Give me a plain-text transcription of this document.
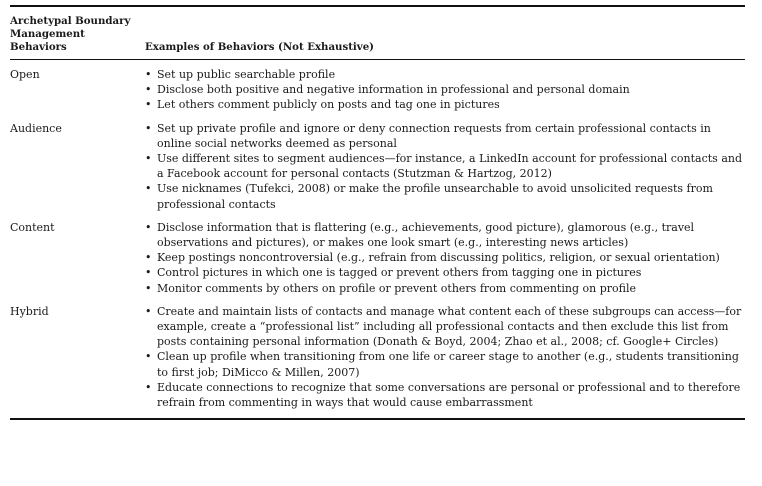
Archetypal Boundary
Management
Behaviors	Examples of Behaviors (Not Exhaustive)
Open	• Set up public searchable profile
• Disclose both positive and negative information in professional and personal domain
• Let others comment publicly on posts and tag one in pictures
Audience	• Set up private profile and ignore or deny connection requests from certain professional contacts in online social networks deemed as personal
• Use different sites to segment audiences—for instance, a LinkedIn account for professional contacts and a Facebook account for personal contacts (Stutzman & Hartzog, 2012)
• Use nicknames (Tufekci, 2008) or make the profile unsearchable to avoid unsolicited requests from professional contacts
Content	• Disclose information that is flattering (e.g., achievements, good picture), glamorous (e.g., travel observations and pictures), or makes one look smart (e.g., interesting news articles)
• Keep postings noncontroversial (e.g., refrain from discussing politics, religion, or sexual orientation)
• Control pictures in which one is tagged or prevent others from tagging one in pictures
• Monitor comments by others on profile or prevent others from commenting on profile
Hybrid	• Create and maintain lists of contacts and manage what content each of these subgroups can access—for example, create a “professional list” including all professional contacts and then exclude this list from posts containing personal information (Donath & Boyd, 2004; Zhao et al., 2008; cf. Google+ Circles)
• Clean up profile when transitioning from one life or career stage to another (e.g., students transitioning to first job; DiMicco & Millen, 2007)
• Educate connections to recognize that some conversations are personal or professional and to therefore refrain from commenting in ways that would cause embarrassment
